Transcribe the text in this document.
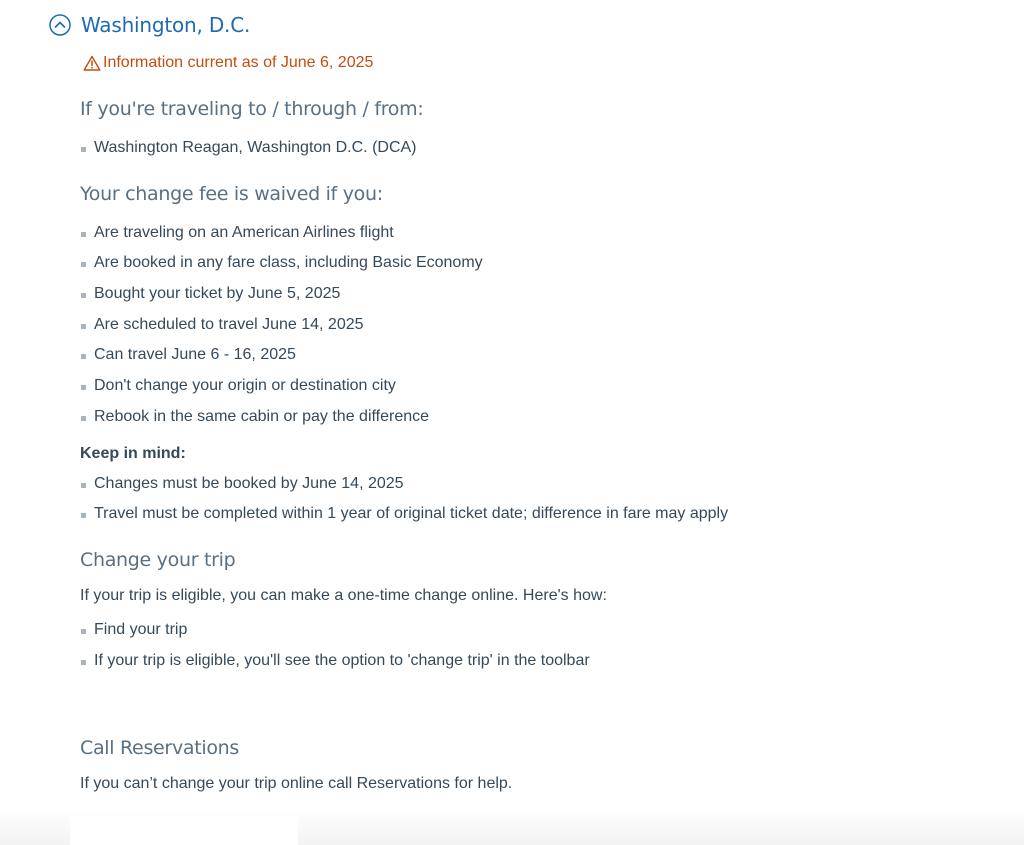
Washington, D.C.
Information current as of June 6, 2025
If you're traveling to / through / from:
Washington Reagan, Washington D.C. (DCA)
Your change fee is waived if you:
Are traveling on an American Airlines flight
Are booked in any fare class, including Basic Economy
Bought your ticket by June 5, 2025
Are scheduled to travel June 14, 2025
Can travel June 6 - 16, 2025
Don't change your origin or destination city
Rebook in the same cabin or pay the difference

Keep in mind:

Changes must be booked by June 14, 2025
Travel must be completed within 1 year of original ticket date; difference in fare may apply
Change your trip

If your trip is eligible, you can make a one-time change online. Here's how:

Find your trip
If your trip is eligible, you'll see the option to 'change trip' in the toolbar
Call Reservations

If you can’t change your trip online call Reservations for help.
